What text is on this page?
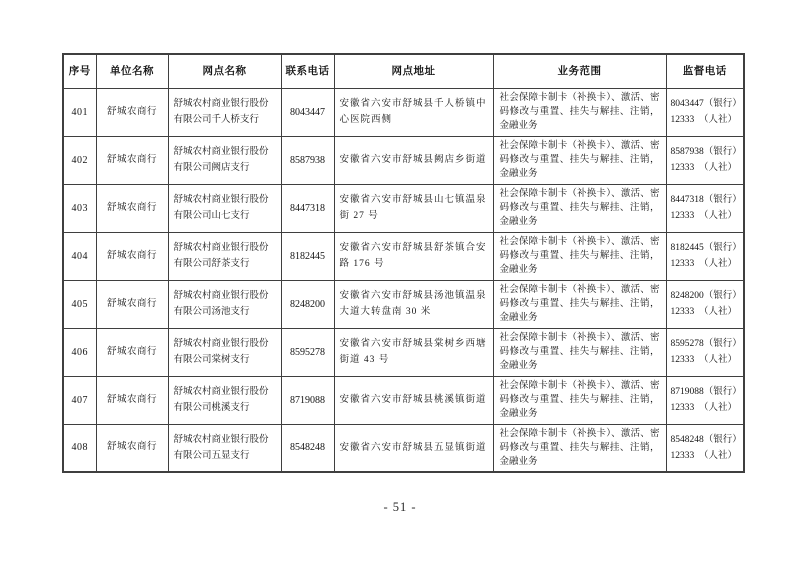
序号	单位名称	网点名称	联系电话	网点地址	业务范围	监督电话
401	舒城农商行	舒城农村商业银行股份有限公司千人桥支行	8043447	安徽省六安市舒城县千人桥镇中心医院西侧	社会保障卡制卡（补换卡）、激活、密码修改与重置、挂失与解挂、注销，金融业务	8043447（银行）
12333　（人社）

402	舒城农商行	舒城农村商业银行股份有限公司阙店支行	8587938	安徽省六安市舒城县阙店乡街道	社会保障卡制卡（补换卡）、激活、密码修改与重置、挂失与解挂、注销，金融业务	8587938（银行）
12333　（人社）

403	舒城农商行	舒城农村商业银行股份有限公司山七支行	8447318	安徽省六安市舒城县山七镇温泉街 27 号	社会保障卡制卡（补换卡）、激活、密码修改与重置、挂失与解挂、注销，金融业务	8447318（银行）
12333　（人社）

404	舒城农商行	舒城农村商业银行股份有限公司舒茶支行	8182445	安徽省六安市舒城县舒茶镇合安路 176 号	社会保障卡制卡（补换卡）、激活、密码修改与重置、挂失与解挂、注销，金融业务	8182445（银行）
12333　（人社）

405	舒城农商行	舒城农村商业银行股份有限公司汤池支行	8248200	安徽省六安市舒城县汤池镇温泉大道大转盘南 30 米	社会保障卡制卡（补换卡）、激活、密码修改与重置、挂失与解挂、注销，金融业务	8248200（银行）
12333　（人社）

406	舒城农商行	舒城农村商业银行股份有限公司棠树支行	8595278	安徽省六安市舒城县棠树乡西塘街道 43 号	社会保障卡制卡（补换卡）、激活、密码修改与重置、挂失与解挂、注销，金融业务	8595278（银行）
12333　（人社）

407	舒城农商行	舒城农村商业银行股份有限公司桃溪支行	8719088	安徽省六安市舒城县桃溪镇街道	社会保障卡制卡（补换卡）、激活、密码修改与重置、挂失与解挂、注销，金融业务	8719088（银行）
12333　（人社）

408	舒城农商行	舒城农村商业银行股份有限公司五显支行	8548248	安徽省六安市舒城县五显镇街道	社会保障卡制卡（补换卡）、激活、密码修改与重置、挂失与解挂、注销，金融业务	8548248（银行）
12333　（人社）
- 51 -
